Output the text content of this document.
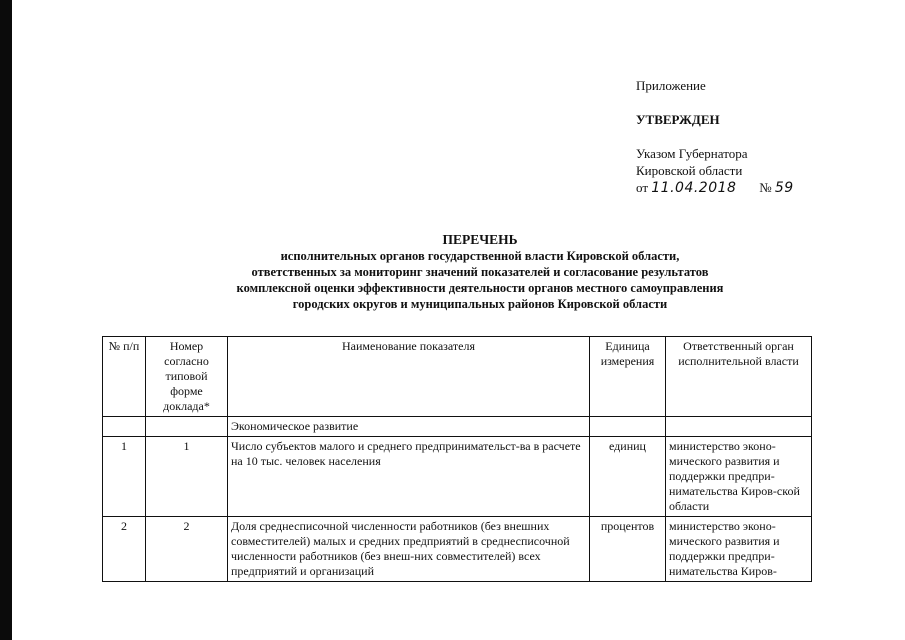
Приложение
УТВЕРЖДЕН
Указом Губернатора
Кировской области
от 11.04.2018 № 59
ПЕРЕЧЕНЬ
исполнительных органов государственной власти Кировской области,
ответственных за мониторинг значений показателей и согласование результатов
комплексной оценки эффективности деятельности органов местного самоуправления
городских округов и муниципальных районов Кировской области
№ п/п	Номер согласно типовой форме доклада*	Наименование показателя	Единица измерения	Ответственный орган исполнительной власти
		Экономическое развитие		
1	1	Число субъектов малого и среднего предпринимательст-ва в расчете на 10 тыс. человек населения	единиц	министерство эконо-мического развития и поддержки предпри-нимательства Киров-ской области
2	2	Доля среднесписочной численности работников (без внешних совместителей) малых и средних предприятий в среднесписочной численности работников (без внеш-них совместителей) всех предприятий и организаций	процентов	министерство эконо-мического развития и поддержки предпри-нимательства Киров-
